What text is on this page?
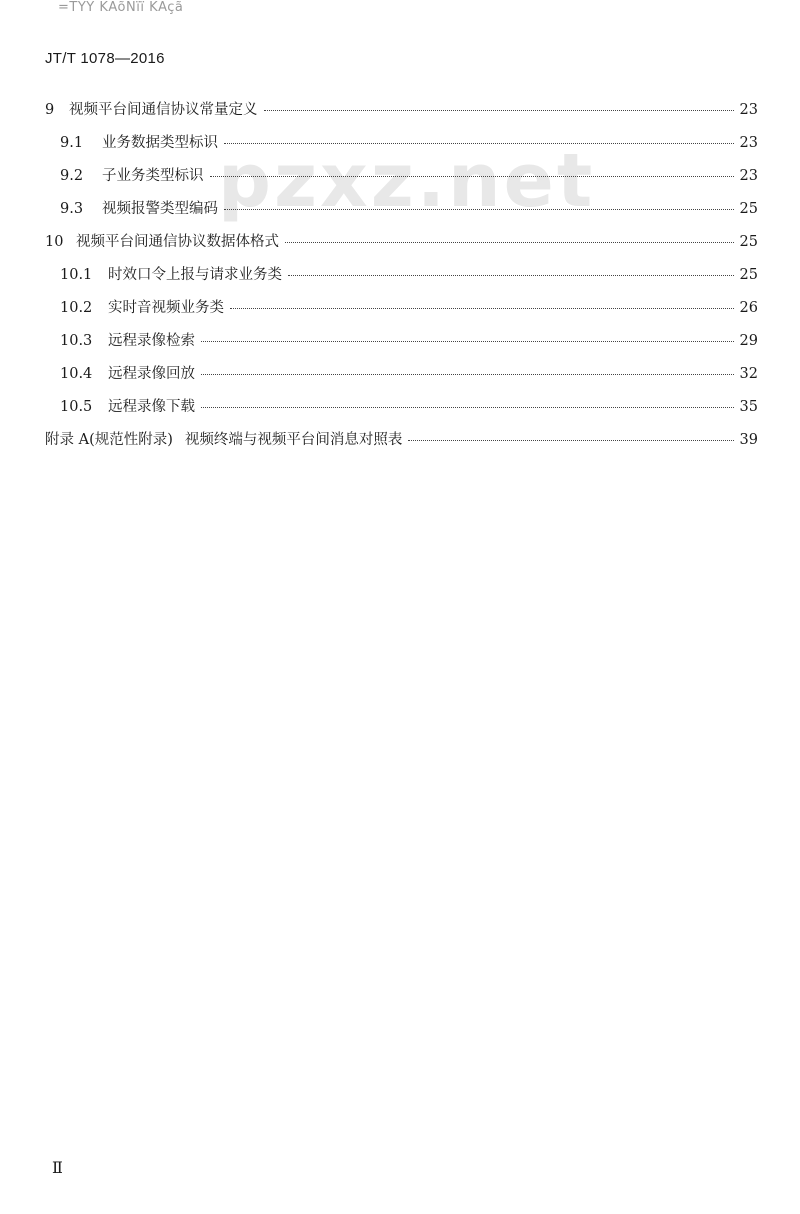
=ΤΥΥ ΚÃõÑïï ΚÃçã
JT/T 1078—2016
pzxz.net
9	视频平台间通信协议常量定义	23
9.1	业务数据类型标识	23
9.2	子业务类型标识	23
9.3	视频报警类型编码	25
10 视频平台间通信协议数据体格式	25
10.1	时效口令上报与请求业务类	25
10.2	实时音视频业务类	26
10.3	远程录像检索	29
10.4	远程录像回放	32
10.5	远程录像下载	35
附录 A(规范性附录) 视频终端与视频平台间消息对照表	39
Ⅱ
